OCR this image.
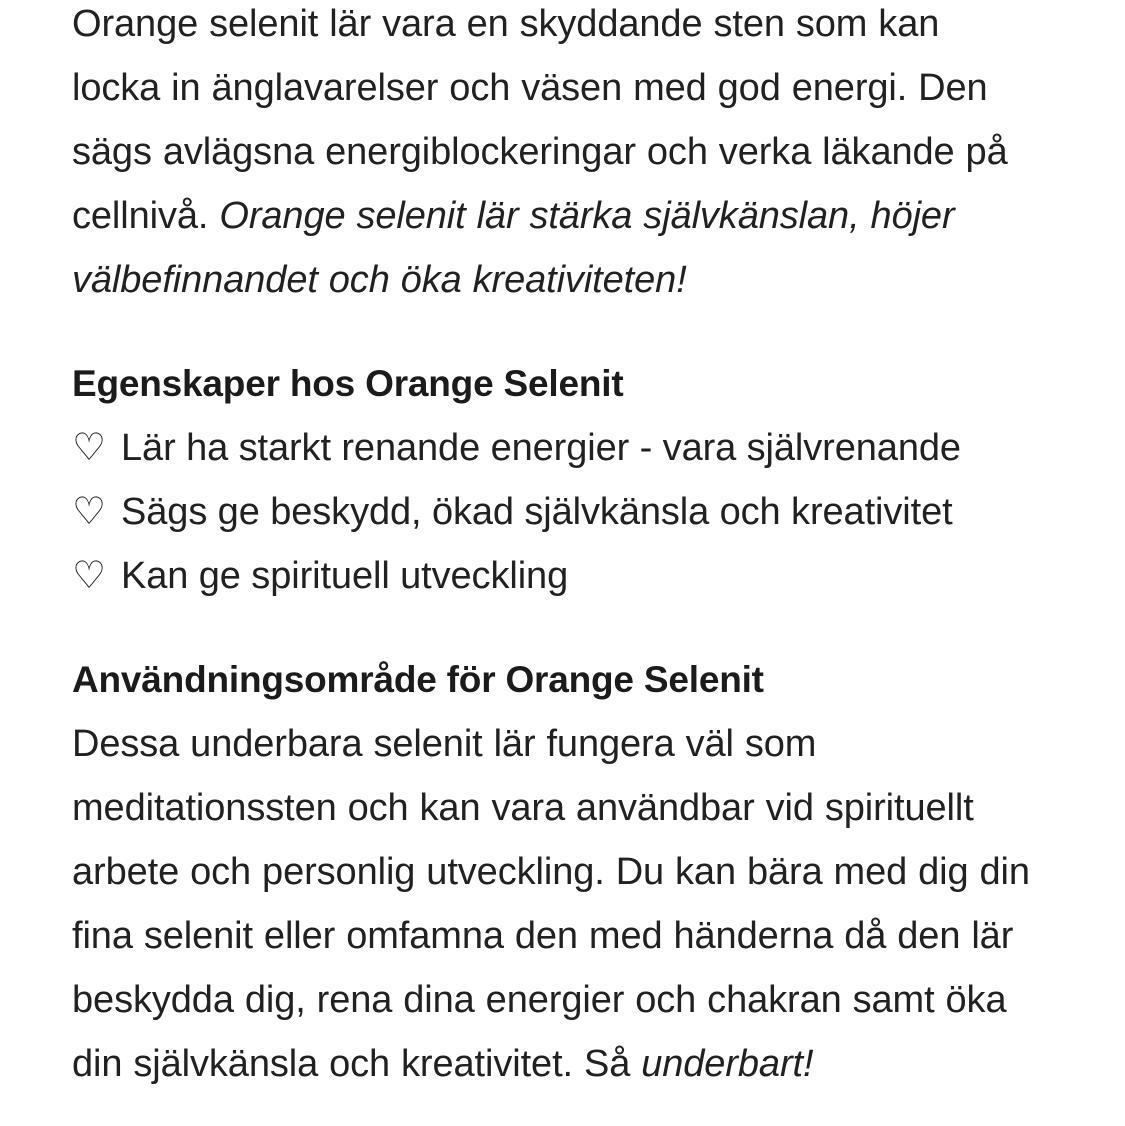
Orange selenit lär vara en skyddande sten som kan locka in änglavarelser och väsen med god energi. Den sägs avlägsna energiblockeringar och verka läkande på cellnivå. Orange selenit lär stärka självkänslan, höjer välbefinnandet och öka kreativiteten!

Egenskaper hos Orange Selenit
♡ Lär ha starkt renande energier - vara självrenande
♡ Sägs ge beskydd, ökad självkänsla och kreativitet
♡ Kan ge spirituell utveckling
Användningsområde för Orange Selenit

Dessa underbara selenit lär fungera väl som meditationssten och kan vara användbar vid spirituellt arbete och personlig utveckling. Du kan bära med dig din fina selenit eller omfamna den med händerna då den lär beskydda dig, rena dina energier och chakran samt öka din självkänsla och kreativitet. Så underbart!
